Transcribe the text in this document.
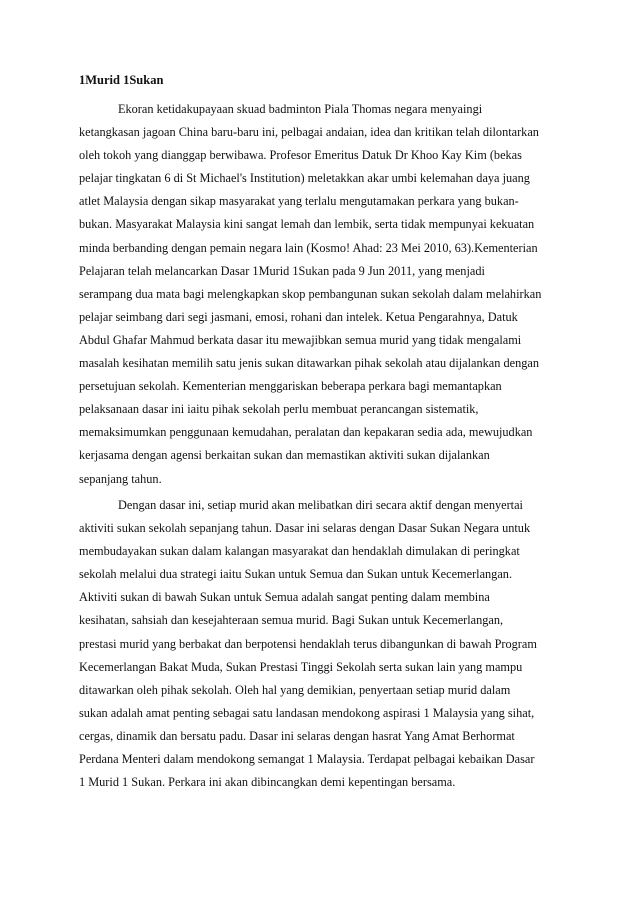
1Murid 1Sukan

Ekoran ketidakupayaan skuad badminton Piala Thomas negara menyaingi
ketangkasan jagoan China baru-baru ini, pelbagai andaian, idea dan kritikan telah dilontarkan
oleh tokoh yang dianggap berwibawa. Profesor Emeritus Datuk Dr Khoo Kay Kim (bekas
pelajar tingkatan 6 di St Michael's Institution) meletakkan akar umbi kelemahan daya juang
atlet Malaysia dengan sikap masyarakat yang terlalu mengutamakan perkara yang bukan-
bukan. Masyarakat Malaysia kini sangat lemah dan lembik, serta tidak mempunyai kekuatan
minda berbanding dengan pemain negara lain (Kosmo! Ahad: 23 Mei 2010, 63).Kementerian
Pelajaran telah melancarkan Dasar 1Murid 1Sukan pada 9 Jun 2011, yang menjadi
serampang dua mata bagi melengkapkan skop pembangunan sukan sekolah dalam melahirkan
pelajar seimbang dari segi jasmani, emosi, rohani dan intelek. Ketua Pengarahnya, Datuk
Abdul Ghafar Mahmud berkata dasar itu mewajibkan semua murid yang tidak mengalami
masalah kesihatan memilih satu jenis sukan ditawarkan pihak sekolah atau dijalankan dengan
persetujuan sekolah. Kementerian menggariskan beberapa perkara bagi memantapkan
pelaksanaan dasar ini iaitu pihak sekolah perlu membuat perancangan sistematik,
memaksimumkan penggunaan kemudahan, peralatan dan kepakaran sedia ada, mewujudkan
kerjasama dengan agensi berkaitan sukan dan memastikan aktiviti sukan dijalankan
sepanjang tahun.

Dengan dasar ini, setiap murid akan melibatkan diri secara aktif dengan menyertai
aktiviti sukan sekolah sepanjang tahun. Dasar ini selaras dengan Dasar Sukan Negara untuk
membudayakan sukan dalam kalangan masyarakat dan hendaklah dimulakan di peringkat
sekolah melalui dua strategi iaitu Sukan untuk Semua dan Sukan untuk Kecemerlangan.
Aktiviti sukan di bawah Sukan untuk Semua adalah sangat penting dalam membina
kesihatan, sahsiah dan kesejahteraan semua murid. Bagi Sukan untuk Kecemerlangan,
prestasi murid yang berbakat dan berpotensi hendaklah terus dibangunkan di bawah Program
Kecemerlangan Bakat Muda, Sukan Prestasi Tinggi Sekolah serta sukan lain yang mampu
ditawarkan oleh pihak sekolah. Oleh hal yang demikian, penyertaan setiap murid dalam
sukan adalah amat penting sebagai satu landasan mendokong aspirasi 1 Malaysia yang sihat,
cergas, dinamik dan bersatu padu. Dasar ini selaras dengan hasrat Yang Amat Berhormat
Perdana Menteri dalam mendokong semangat 1 Malaysia. Terdapat pelbagai kebaikan Dasar
1 Murid 1 Sukan. Perkara ini akan dibincangkan demi kepentingan bersama.
